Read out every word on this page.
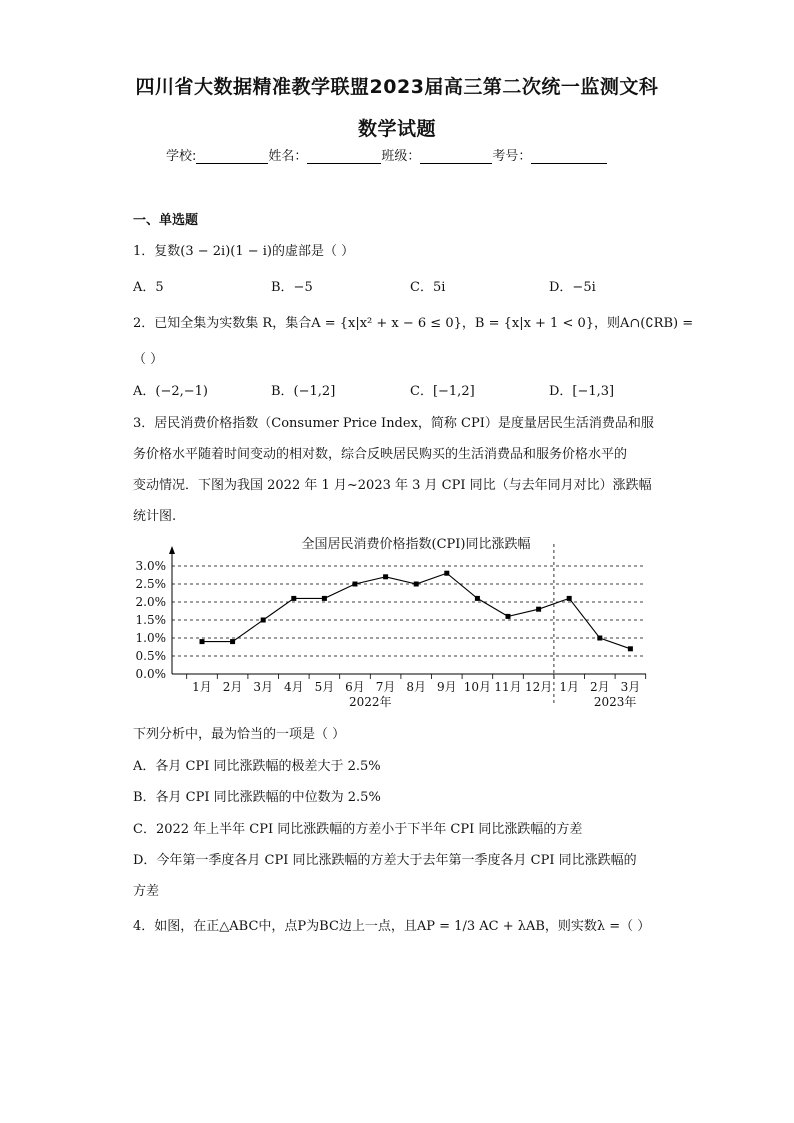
四川省大数据精准教学联盟2023届高三第二次统一监测文科
数学试题
学校:	姓名：	班级：	考号：
一、单选题
1．复数(3 − 2i)(1 − i)的虚部是（ ）
A．5	B．−5	C．5i	D．−5i
2．已知全集为实数集 R，集合A = {x|x² + x − 6 ≤ 0}，B = {x|x + 1 < 0}，则A∩(∁RB) =
（ ）
A．(−2,−1)	B．(−1,2]	C．[−1,2]	D．[−1,3]
3．居民消费价格指数（Consumer Price Index，简称 CPI）是度量居民生活消费品和服
务价格水平随着时间变动的相对数，综合反映居民购买的生活消费品和服务价格水平的
变动情况．下图为我国 2022 年 1 月~2023 年 3 月 CPI 同比（与去年同月对比）涨跌幅
统计图.
全国居民消费价格指数(CPI)同比涨跌幅
0.0%
0.5%
1.0%
1.5%
2.0%
2.5%
3.0%
1月 2月 3月 4月 5月 6月 7月 8月 9月 10月 11月 12月 1月 2月 3月
2022年	2023年
下列分析中，最为恰当的一项是（ ）
A．各月 CPI 同比涨跌幅的极差大于 2.5%
B．各月 CPI 同比涨跌幅的中位数为 2.5%
C．2022 年上半年 CPI 同比涨跌幅的方差小于下半年 CPI 同比涨跌幅的方差
D．今年第一季度各月 CPI 同比涨跌幅的方差大于去年第一季度各月 CPI 同比涨跌幅的
方差
4．如图，在正△ABC中，点P为BC边上一点，且AP = 1/3 AC + λAB，则实数λ =（ ）
